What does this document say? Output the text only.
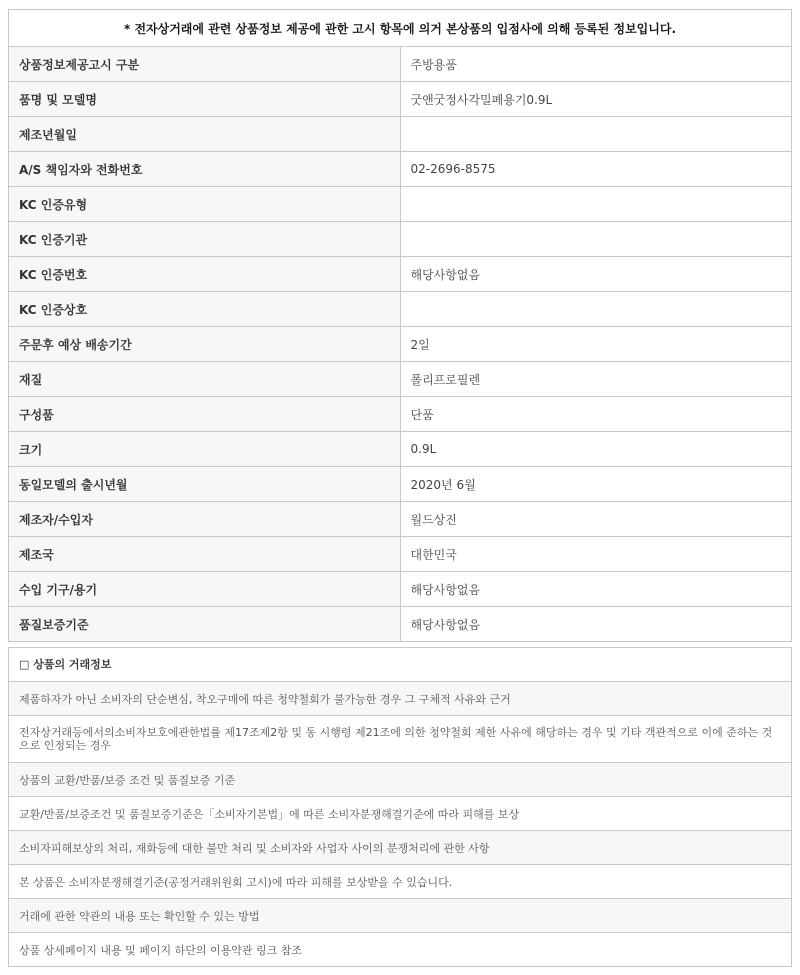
* 전자상거래에 관련 상품정보 제공에 관한 고시 항목에 의거 본상품의 입점사에 의해 등록된 정보입니다.	
상품정보제공고시 구분	주방용품
품명 및 모델명	굿앤굿정사각밀폐용기0.9L
제조년월일	
A/S 책임자와 전화번호	02-2696-8575
KC 인증유형	
KC 인증기관	
KC 인증번호	해당사항없음
KC 인증상호	
주문후 예상 배송기간	2일
재질	폴리프로필렌
구성품	단품
크기	0.9L
동일모델의 출시년월	2020년 6월
제조자/수입자	월드상진
제조국	대한민국
수입 기구/용기	해당사항없음
품질보증기준	해당사항없음
□ 상품의 거래정보
제품하자가 아닌 소비자의 단순변심, 착오구매에 따른 청약철회가 불가능한 경우 그 구체적 사유와 근거
전자상거래등에서의소비자보호에관한법률 제17조제2항 및 동 시행령 제21조에 의한 청약철회 제한 사유에 해당하는 경우 및 기타 객관적으로 이에 준하는 것으로 인정되는 경우
상품의 교환/반품/보증 조건 및 품질보증 기준
교환/반품/보증조건 및 품질보증기준은「소비자기본법」에 따른 소비자분쟁해결기준에 따라 피해를 보상
소비자피해보상의 처리, 재화등에 대한 불만 처리 및 소비자와 사업자 사이의 분쟁처리에 관한 사항
본 상품은 소비자분쟁해결기준(공정거래위원회 고시)에 따라 피해를 보상받을 수 있습니다.
거래에 관한 약관의 내용 또는 확인할 수 있는 방법
상품 상세페이지 내용 및 페이지 하단의 이용약관 링크 참조
